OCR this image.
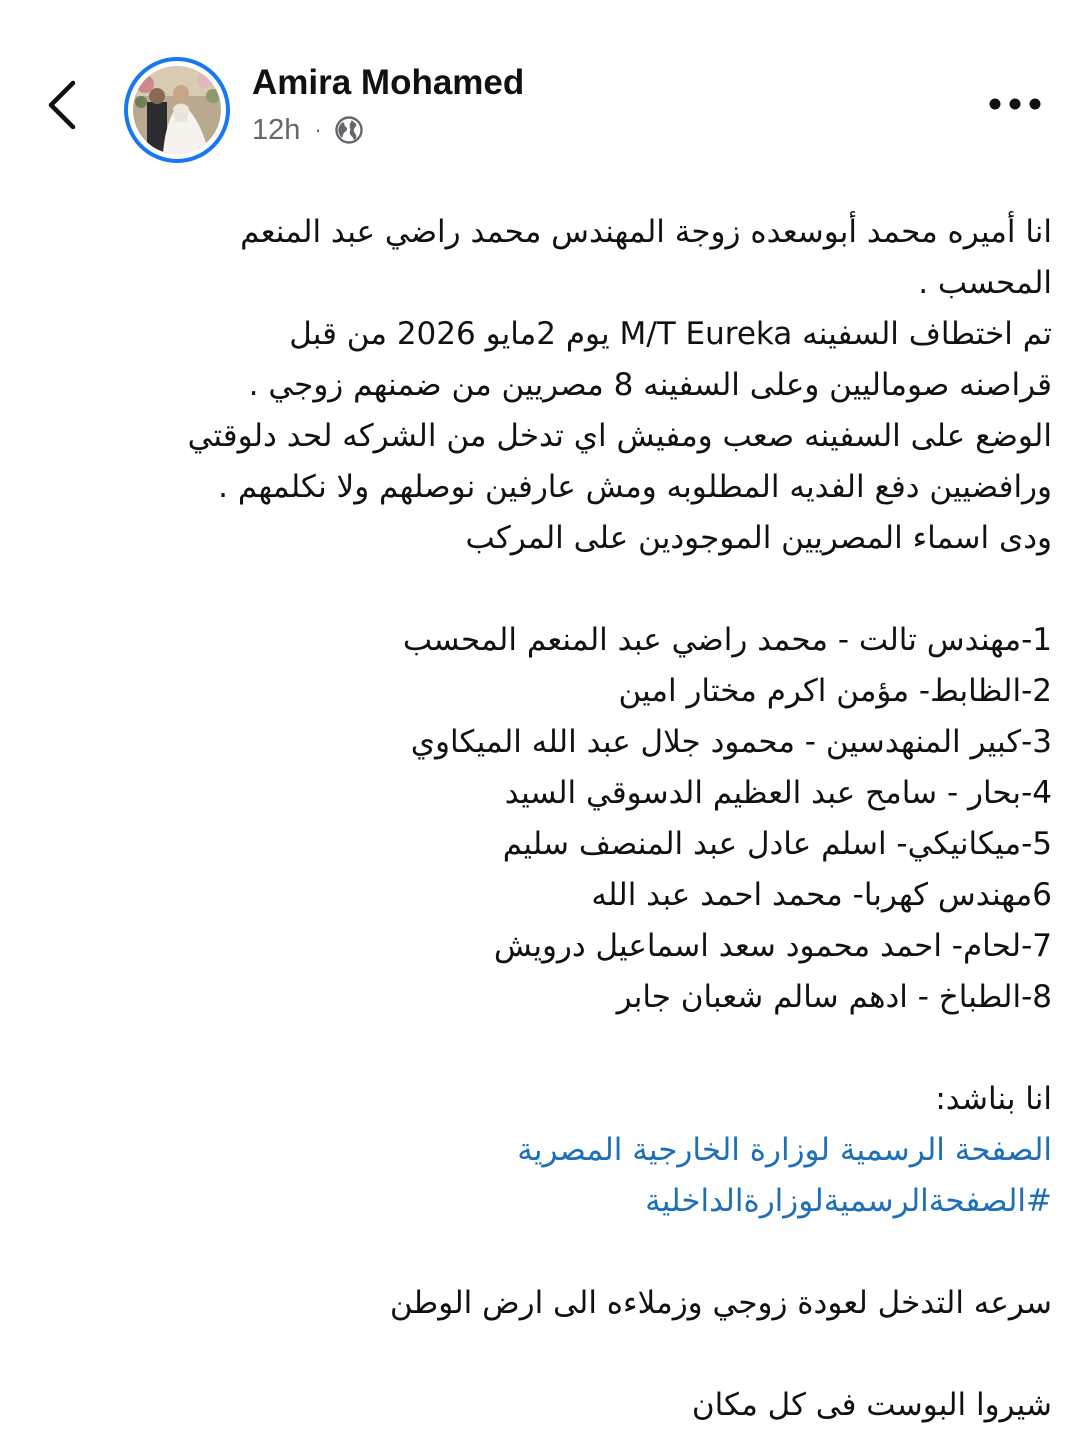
Amira Mohamed
12h ·
انا أميره محمد أبوسعده زوجة المهندس محمد راضي عبد المنعم
المحسب .
تم اختطاف السفينه M/T Eureka يوم 2مايو 2026 من قبل
قراصنه صوماليين وعلى السفينه 8 مصريين من ضمنهم زوجي .
الوضع على السفينه صعب ومفيش اي تدخل من الشركه لحد دلوقتي
ورافضيين دفع الفديه المطلوبه ومش عارفين نوصلهم ولا نكلمهم .
ودى اسماء المصريين الموجودين على المركب
1-مهندس تالت - محمد راضي عبد المنعم المحسب
2-الظابط- مؤمن اكرم مختار امين
3-كبير المنهدسين - محمود جلال عبد الله الميكاوي
4-بحار - سامح عبد العظيم الدسوقي السيد
5-ميكانيكي- اسلم عادل عبد المنصف سليم
6مهندس كهربا- محمد احمد عبد الله
7-لحام- احمد محمود سعد اسماعيل درويش
8-الطباخ - ادهم سالم شعبان جابر
انا بناشد:
الصفحة الرسمية لوزارة الخارجية المصرية
#الصفحةالرسميةلوزارةالداخلية
سرعه التدخل لعودة زوجي وزملاءه الى ارض الوطن
شيروا البوست فى كل مكان
